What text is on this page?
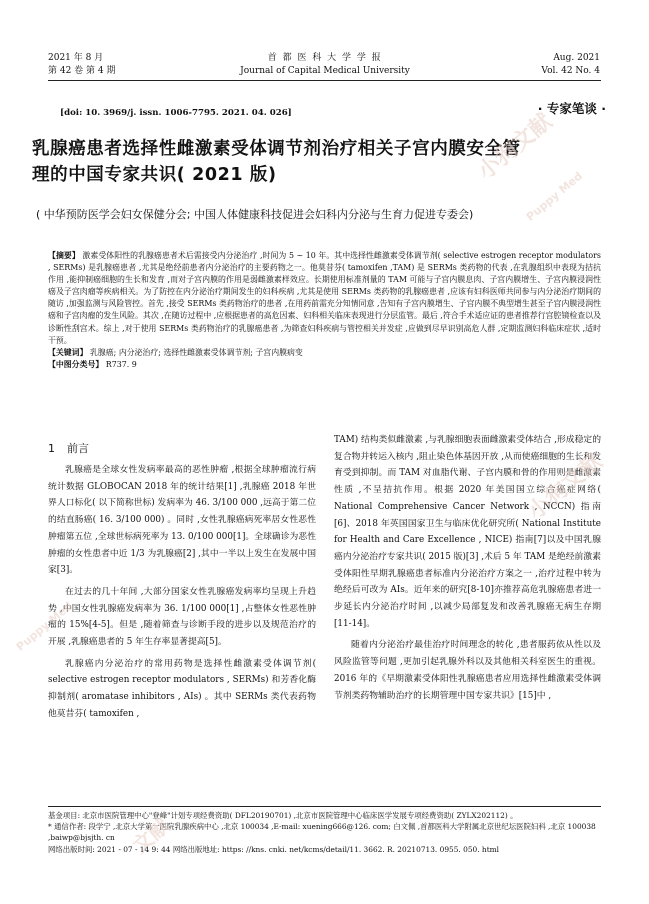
2021 年 8 月
第 42 卷 第 4 期
首 都 医 科 大 学 学 报
Journal of Capital Medical University
Aug. 2021
Vol. 42 No. 4
[doi: 10. 3969/j. issn. 1006-7795. 2021. 04. 026]	· 专家笔谈 ·
乳腺癌患者选择性雌激素受体调节剂治疗相关子宫内膜安全管
理的中国专家共识( 2021 版)
( 中华预防医学会妇女保健分会; 中国人体健康科技促进会妇科内分泌与生育力促进专委会)

【摘要】 激素受体阳性的乳腺癌患者术后需接受内分泌治疗 ,时间为 5 ~ 10 年。其中选择性雌激素受体调节剂( selective estrogen receptor modulators , SERMs) 是乳腺癌患者 ,尤其是绝经前患者内分泌治疗的主要药物之一。他莫昔芬( tamoxifen ,TAM) 是 SERMs 类药物的代表 ,在乳腺组织中表现为拮抗作用 ,能抑制癌细胞的生长和发育 ,而对子宫内膜的作用是弱雌激素样效应。长期使用标准剂量的 TAM 可能与子宫内膜息肉、子宫内膜增生、子宫内膜浸润性癌及子宫肉瘤等疾病相关。为了防控在内分泌治疗期间发生的妇科疾病 ,尤其是使用 SERMs 类药物的乳腺癌患者 ,应该有妇科医师共同参与内分泌治疗期间的随访 ,加强监测与风险管控。首先 ,接受 SERMs 类药物治疗的患者 ,在用药前需充分知情同意 ,告知有子宫内膜增生、子宫内膜不典型增生甚至子宫内膜浸润性癌和子宫肉瘤的发生风险。其次 ,在随访过程中 ,应根据患者的高危因素、妇科相关临床表现进行分层监管。最后 ,符合手术适应证的患者推荐行宫腔镜检查以及诊断性刮宫术。综上 ,对于使用 SERMs 类药物治疗的乳腺癌患者 ,为筛查妇科疾病与管控相关并发症 ,应做到尽早识别高危人群 ,定期监测妇科临床症状 ,适时干预。

【关键词】 乳腺癌; 内分泌治疗; 选择性雌激素受体调节剂; 子宫内膜病变

【中图分类号】 R737. 9

1 前言

乳腺癌是全球女性发病率最高的恶性肿瘤 ,根据全球肿瘤流行病统计数据 GLOBOCAN 2018 年的统计结果[1] ,乳腺癌 2018 年世界人口标化( 以下简称世标) 发病率为 46. 3/100 000 ,远高于第二位的结直肠癌( 16. 3/100 000) 。同时 ,女性乳腺癌病死率居女性恶性肿瘤第五位 ,全球世标病死率为 13. 0/100 000[1]。全球确诊为恶性肿瘤的女性患者中近 1/3 为乳腺癌[2] ,其中一半以上发生在发展中国家[3]。

在过去的几十年间 ,大部分国家女性乳腺癌发病率均呈现上升趋势 ,中国女性乳腺癌发病率为 36. 1/100 000[1] ,占整体女性恶性肿瘤的 15%[4-5]。但是 ,随着筛查与诊断手段的进步以及规范治疗的开展 ,乳腺癌患者的 5 年生存率显著提高[5]。

乳腺癌内分泌治疗的常用药物是选择性雌激素受体调节剂( selective estrogen receptor modulators , SERMs) 和芳香化酶抑制剂( aromatase inhibitors , AIs) 。其中 SERMs 类代表药物他莫昔芬( tamoxifen ,

TAM) 结构类似雌激素 ,与乳腺细胞表面雌激素受体结合 ,形成稳定的复合物并转运入核内 ,阻止染色体基因开放 ,从而使癌细胞的生长和发育受到抑制。而 TAM 对血脂代谢、子宫内膜和骨的作用则是雌激素性质 ,不呈拮抗作用。根据 2020 年美国国立综合癌症网络( National Comprehensive Cancer Network , NCCN) 指南[6]、2018 年英国国家卫生与临床优化研究所( National Institute for Health and Care Excellence , NICE) 指南[7]以及中国乳腺癌内分泌治疗专家共识( 2015 版)[3] ,术后 5 年 TAM 是绝经前激素受体阳性早期乳腺癌患者标准内分泌治疗方案之一 ,治疗过程中转为绝经后可改为 AIs。近年来的研究[8-10]亦推荐高危乳腺癌患者进一步延长内分泌治疗时间 ,以减少局部复发和改善乳腺癌无病生存期[11-14]。

随着内分泌治疗最佳治疗时间理念的转化 ,患者服药依从性以及风险监管等问题 ,更加引起乳腺外科以及其他相关科室医生的重视。2016 年的《早期激素受体阳性乳腺癌患者应用选择性雌激素受体调节剂类药物辅助治疗的长期管理中国专家共识》[15]中 ,

基金项目: 北京市医院管理中心"登峰"计划专项经费资助( DFL20190701) ,北京市医院管理中心临床医学发展专项经费资助( ZYLX202112) 。

* 通信作者: 段学宁 ,北京大学第一医院乳腺疾病中心 ,北京 100034 ,E-mail: xuening666@126. com; 白文佩 ,首都医科大学附属北京世纪坛医院妇科 ,北京 100038 ,baiwp@bjsjth. cn

网络出版时间: 2021 - 07 - 14 9: 44 网络出版地址: https: //kns. cnki. net/kcms/detail/11. 3662. R. 20210713. 0955. 050. html

小狗文献
Puppy Med
小狗文献
Puppy Med
文献
